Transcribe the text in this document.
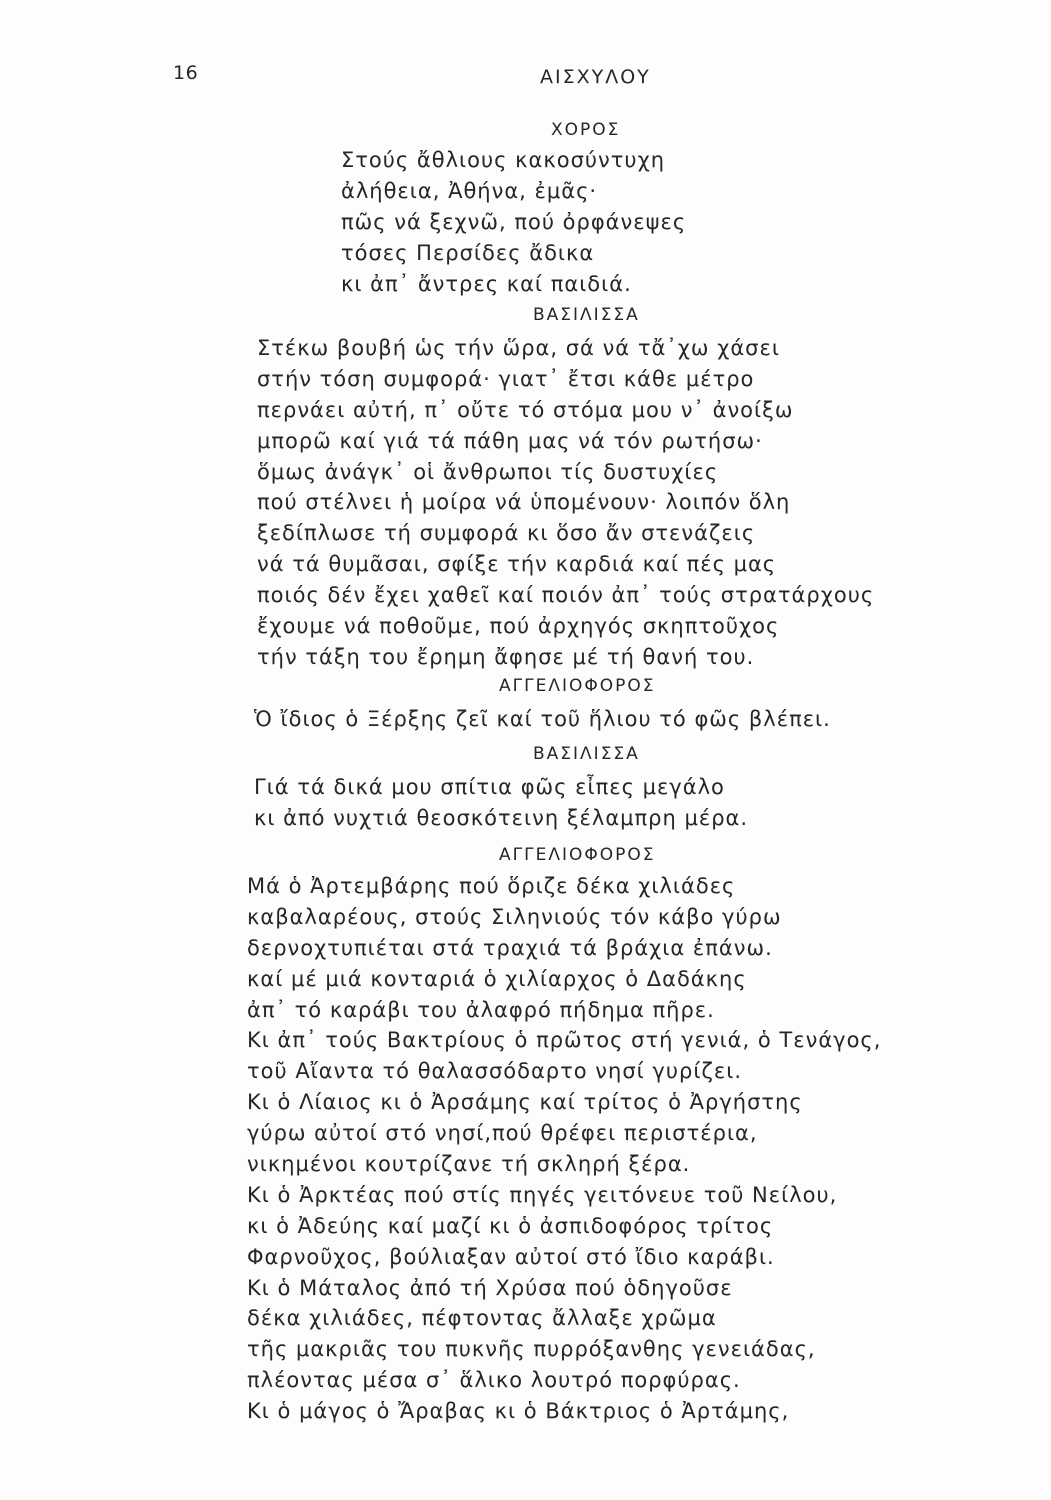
16	ΑΙΣΧΥΛΟΥ
ΧΟΡΟΣ
Στούς ἄθλιους κακοσύντυχη
ἀλήθεια, Ἀθήνα, ἐμᾶς·
πῶς νά ξεχνῶ, πού ὀρφάνεψες
τόσες Περσίδες ἄδικα
κι ἀπ᾿ ἄντρες καί παιδιά.
ΒΑΣΙΛΙΣΣΑ
Στέκω βουβή ὡς τήν ὥρα, σά νά τἄ᾿χω χάσει
στήν τόση συμφορά· γιατ᾿ ἔτσι κάθε μέτρο
περνάει αὐτή, π᾿ οὔτε τό στόμα μου ν᾿ ἀνοίξω
μπορῶ καί γιά τά πάθη μας νά τόν ρωτήσω·
ὅμως ἀνάγκ᾿ οἱ ἄνθρωποι τίς δυστυχίες
πού στέλνει ἡ μοίρα νά ὑπομένουν· λοιπόν ὅλη
ξεδίπλωσε τή συμφορά κι ὅσο ἄν στενάζεις
νά τά θυμᾶσαι, σφίξε τήν καρδιά καί πές μας
ποιός δέν ἔχει χαθεῖ καί ποιόν ἀπ᾿ τούς στρατάρχους
ἔχουμε νά ποθοῦμε, πού ἀρχηγός σκηπτοῦχος
τήν τάξη του ἔρημη ἄφησε μέ τή θανή του.
ΑΓΓΕΛΙΟΦΟΡΟΣ
Ὁ ἴδιος ὁ Ξέρξης ζεῖ καί τοῦ ἥλιου τό φῶς βλέπει.
ΒΑΣΙΛΙΣΣΑ
Γιά τά δικά μου σπίτια φῶς εἶπες μεγάλο
κι ἀπό νυχτιά θεοσκότεινη ξέλαμπρη μέρα.
ΑΓΓΕΛΙΟΦΟΡΟΣ
Μά ὁ Ἀρτεμβάρης πού ὅριζε δέκα χιλιάδες
καβαλαρέους, στούς Σιληνιούς τόν κάβο γύρω
δερνοχτυπιέται στά τραχιά τά βράχια ἐπάνω.
καί μέ μιά κονταριά ὁ χιλίαρχος ὁ Δαδάκης
ἀπ᾿ τό καράβι του ἀλαφρό πήδημα πῆρε.
Κι ἀπ᾿ τούς Βακτρίους ὁ πρῶτος στή γενιά, ὁ Τενάγος,
τοῦ Αἴαντα τό θαλασσόδαρτο νησί γυρίζει.
Κι ὁ Λίαιος κι ὁ Ἀρσάμης καί τρίτος ὁ Ἀργήστης
γύρω αὐτοί στό νησί,πού θρέφει περιστέρια,
νικημένοι κουτρίζανε τή σκληρή ξέρα.
Κι ὁ Ἀρκτέας πού στίς πηγές γειτόνευε τοῦ Νείλου,
κι ὁ Ἀδεύης καί μαζί κι ὁ ἀσπιδοφόρος τρίτος
Φαρνοῦχος, βούλιαξαν αὐτοί στό ἴδιο καράβι.
Κι ὁ Μάταλος ἀπό τή Χρύσα πού ὁδηγοῦσε
δέκα χιλιάδες, πέφτοντας ἄλλαξε χρῶμα
τῆς μακριᾶς του πυκνῆς πυρρόξανθης γενειάδας,
πλέοντας μέσα σ᾿ ἅλικο λουτρό πορφύρας.
Κι ὁ μάγος ὁ Ἄραβας κι ὁ Βάκτριος ὁ Ἀρτάμης,
